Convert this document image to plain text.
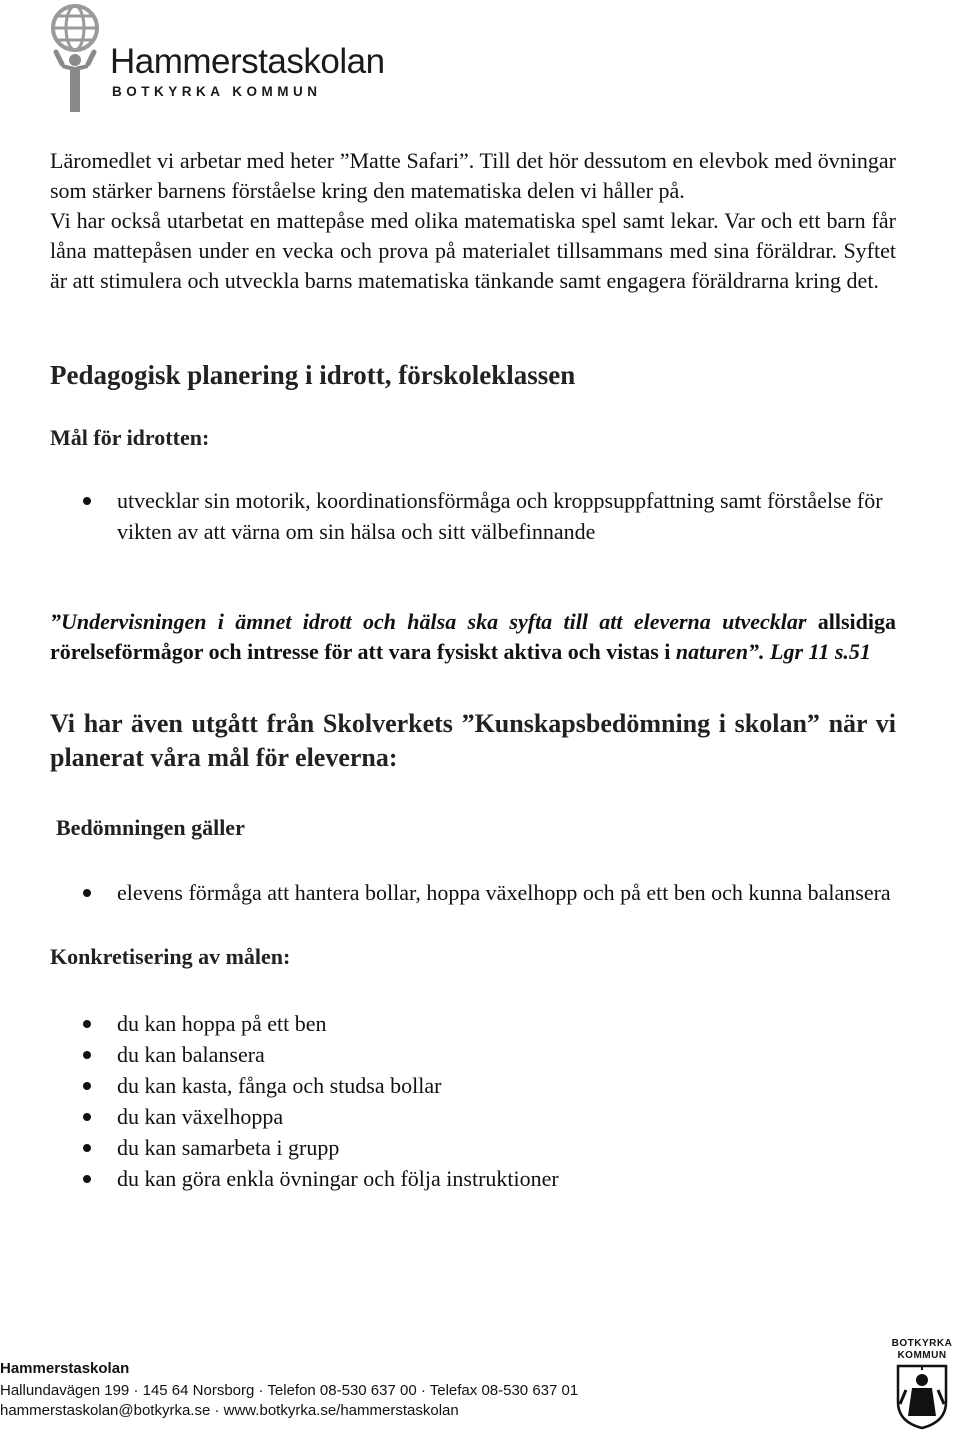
Hammerstaskolan
BOTKYRKA KOMMUN

Läromedlet vi arbetar med heter ”Matte Safari”. Till det hör dessutom en elevbok med övningar som stärker barnens förståelse kring den matematiska delen vi håller på.
Vi har också utarbetat en mattepåse med olika matematiska spel samt lekar. Var och ett barn får låna mattepåsen under en vecka och prova på materialet tillsammans med sina föräldrar. Syftet är att stimulera och utveckla barns matematiska tänkande samt engagera föräldrarna kring det.

Pedagogisk planering i idrott, förskoleklassen
Mål för idrotten:
utvecklar sin motorik, koordinationsförmåga och kroppsuppfattning samt förståelse för vikten av att värna om sin hälsa och sitt välbefinnande

”Undervisningen i ämnet idrott och hälsa ska syfta till att eleverna utvecklar allsidiga rörelseförmågor och intresse för att vara fysiskt aktiva och vistas i naturen”. Lgr 11 s.51

Vi har även utgått från Skolverkets ”Kunskapsbedömning i skolan” när vi planerat våra mål för eleverna:
Bedömningen gäller
elevens förmåga att hantera bollar, hoppa växelhopp och på ett ben och kunna balansera
Konkretisering av målen:
du kan hoppa på ett ben
du kan balansera
du kan kasta, fånga och studsa bollar
du kan växelhoppa
du kan samarbeta i grupp
du kan göra enkla övningar och följa instruktioner
Hammerstaskolan
Hallundavägen 199 · 145 64 Norsborg · Telefon 08-530 637 00 · Telefax 08-530 637 01
hammerstaskolan@botkyrka.se · www.botkyrka.se/hammerstaskolan
BOTKYRKA
KOMMUN
